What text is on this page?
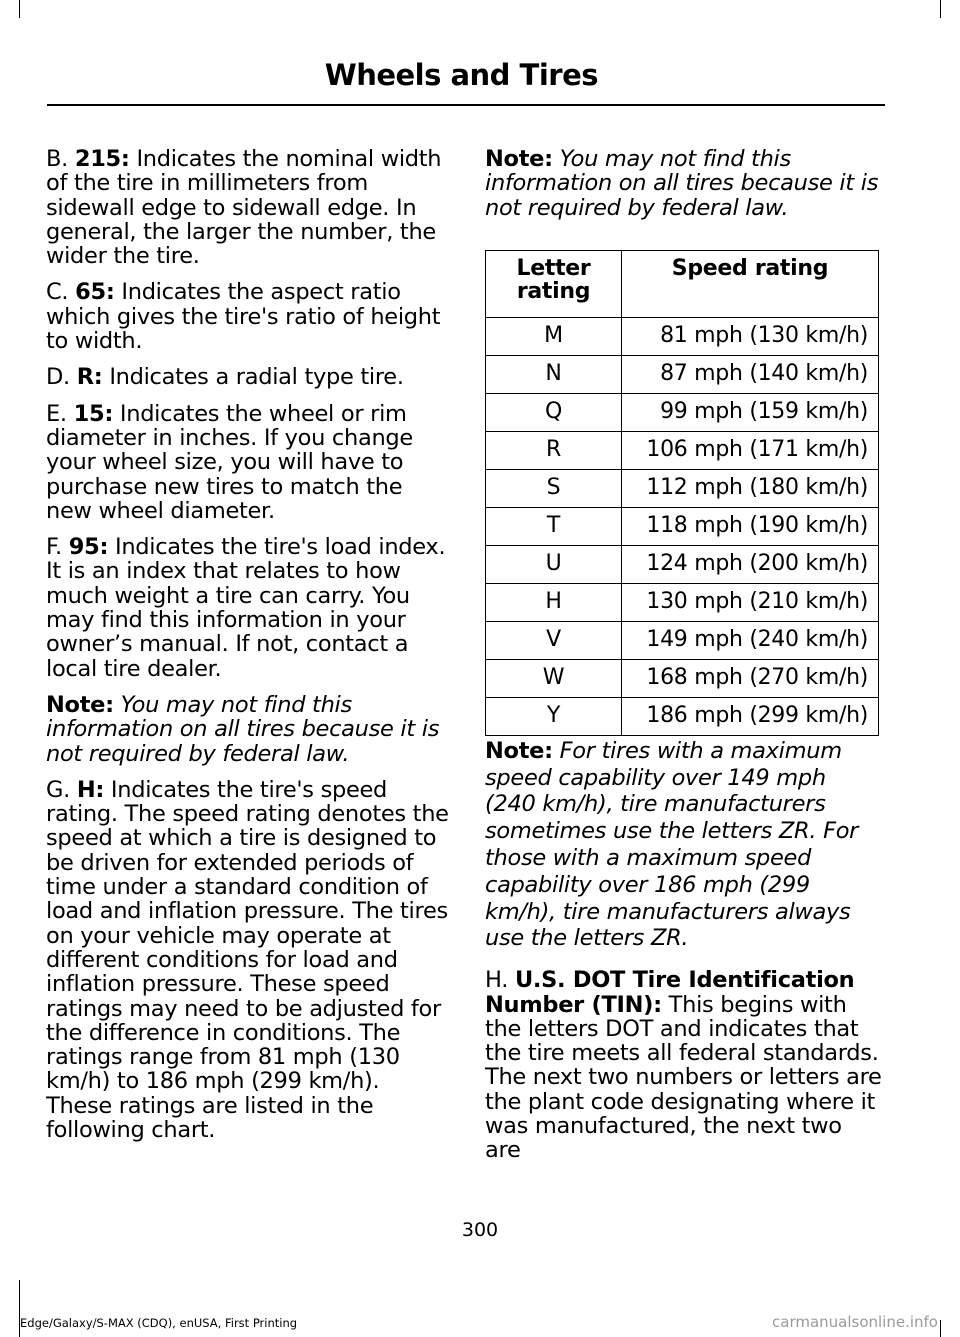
Wheels and Tires

B. 215: Indicates the nominal width of the tire in millimeters from sidewall edge to sidewall edge. In general, the larger the number, the wider the tire.

C. 65: Indicates the aspect ratio which gives the tire's ratio of height to width.

D. R: Indicates a radial type tire.

E. 15: Indicates the wheel or rim diameter in inches. If you change your wheel size, you will have to purchase new tires to match the new wheel diameter.

F. 95: Indicates the tire's load index. It is an index that relates to how much weight a tire can carry. You may find this information in your owner’s manual. If not, contact a local tire dealer.

Note: You may not find this information on all tires because it is not required by federal law.

G. H: Indicates the tire's speed rating. The speed rating denotes the speed at which a tire is designed to be driven for extended periods of time under a standard condition of load and inflation pressure. The tires on your vehicle may operate at different conditions for load and inflation pressure. These speed ratings may need to be adjusted for the difference in conditions. The ratings range from 81 mph (130 km/h) to 186 mph (299 km/h). These ratings are listed in the following chart.

Note: You may not find this information on all tires because it is not required by federal law.

Letter rating	Speed rating
M	81 mph (130 km/h)
N	87 mph (140 km/h)
Q	99 mph (159 km/h)
R	106 mph (171 km/h)
S	112 mph (180 km/h)
T	118 mph (190 km/h)
U	124 mph (200 km/h)
H	130 mph (210 km/h)
V	149 mph (240 km/h)
W	168 mph (270 km/h)
Y	186 mph (299 km/h)

Note: For tires with a maximum speed capability over 149 mph (240 km/h), tire manufacturers sometimes use the letters ZR. For those with a maximum speed capability over 186 mph (299 km/h), tire manufacturers always use the letters ZR.

H. U.S. DOT Tire Identification Number (TIN): This begins with the letters DOT and indicates that the tire meets all federal standards. The next two numbers or letters are the plant code designating where it was manufactured, the next two are

300
Edge/Galaxy/S-MAX (CDQ), enUSA, First Printing	carmanualsonline.info
